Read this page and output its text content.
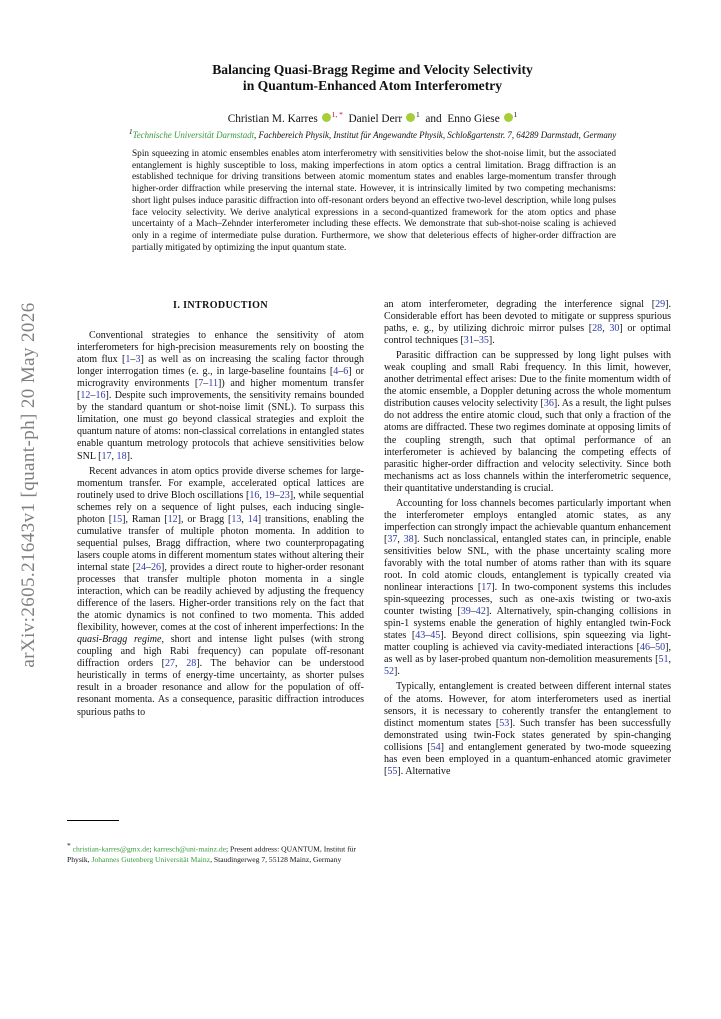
arXiv:2605.21643v1 [quant-ph] 20 May 2026
Balancing Quasi-Bragg Regime and Velocity Selectivity
in Quantum-Enhanced Atom Interferometry
Christian M. Karres $^{1, *}$ Daniel Derr $^1$ and Enno Giese $^1$
$^1$Technische Universität Darmstadt, Fachbereich Physik, Institut für Angewandte Physik, Schloßgartenstr. 7, 64289 Darmstadt, Germany
Spin squeezing in atomic ensembles enables atom interferometry with sensitivities below the shot-noise limit, but the associated entanglement is highly susceptible to loss, making imperfections in atom optics a central limitation. Bragg diffraction is an established technique for driving transitions between atomic momentum states and enables large-momentum transfer through higher-order diffraction while preserving the internal state. However, it is intrinsically limited by two competing mechanisms: short light pulses induce parasitic diffraction into off-resonant orders beyond an effective two-level description, while long pulses face velocity selectivity. We derive analytical expressions in a second-quantized framework for the atom optics and phase uncertainty of a Mach–Zehnder interferometer including these effects. We demonstrate that sub-shot-noise scaling is achieved only in a regime of intermediate pulse duration. Furthermore, we show that deleterious effects of higher-order diffraction are partially mitigated by optimizing the input quantum state.
I. INTRODUCTION

Conventional strategies to enhance the sensitivity of atom interferometers for high-precision measurements rely on boosting the atom flux [1–3] as well as on increasing the scaling factor through longer interrogation times (e. g., in large-baseline fountains [4–6] or microgravity environments [7–11]) and higher momentum transfer [12–16]. Despite such improvements, the sensitivity remains bounded by the standard quantum or shot-noise limit (SNL). To surpass this limitation, one must go beyond classical strategies and exploit the quantum nature of atoms: non-classical correlations in entangled states enable quantum metrology protocols that achieve sensitivities below SNL [17, 18].

Recent advances in atom optics provide diverse schemes for large-momentum transfer. For example, accelerated optical lattices are routinely used to drive Bloch oscillations [16, 19–23], while sequential schemes rely on a sequence of light pulses, each inducing single-photon [15], Raman [12], or Bragg [13, 14] transitions, enabling the cumulative transfer of multiple photon momenta. In addition to sequential pulses, Bragg diffraction, where two counterpropagating lasers couple atoms in different momentum states without altering their internal state [24–26], provides a direct route to higher-order resonant processes that transfer multiple photon momenta in a single interaction, which can be readily achieved by adjusting the frequency difference of the lasers. Higher-order transitions rely on the fact that the atomic dynamics is not confined to two momenta. This added flexibility, however, comes at the cost of inherent imperfections: In the quasi-Bragg regime, short and intense light pulses (with strong coupling and high Rabi frequency) can populate off-resonant diffraction orders [27, 28]. The behavior can be understood heuristically in terms of energy-time uncertainty, as shorter pulses result in a broader resonance and allow for the population of off-resonant momenta. As a consequence, parasitic diffraction introduces spurious paths to

an atom interferometer, degrading the interference signal [29]. Considerable effort has been devoted to mitigate or suppress spurious paths, e. g., by utilizing dichroic mirror pulses [28, 30] or optimal control techniques [31–35].

Parasitic diffraction can be suppressed by long light pulses with weak coupling and small Rabi frequency. In this limit, however, another detrimental effect arises: Due to the finite momentum width of the atomic ensemble, a Doppler detuning across the whole momentum distribution causes velocity selectivity [36]. As a result, the light pulses do not address the entire atomic cloud, such that only a fraction of the atoms are diffracted. These two regimes dominate at opposing limits of the coupling strength, such that optimal performance of an interferometer is achieved by balancing the competing effects of parasitic higher-order diffraction and velocity selectivity. Since both mechanisms act as loss channels within the interferometric sequence, their quantitative understanding is crucial.

Accounting for loss channels becomes particularly important when the interferometer employs entangled atomic states, as any imperfection can strongly impact the achievable quantum enhancement [37, 38]. Such nonclassical, entangled states can, in principle, enable sensitivities below SNL, with the phase uncertainty scaling more favorably with the total number of atoms rather than with its square root. In cold atomic clouds, entanglement is typically created via nonlinear interactions [17]. In two-component systems this includes spin-squeezing processes, such as one-axis twisting or two-axis counter twisting [39–42]. Alternatively, spin-changing collisions in spin-1 systems enable the generation of highly entangled twin-Fock states [43–45]. Beyond direct collisions, spin squeezing via light-matter coupling is achieved via cavity-mediated interactions [46–50], as well as by laser-probed quantum non-demolition measurements [51, 52].

Typically, entanglement is created between different internal states of the atoms. However, for atom interferometers used as inertial sensors, it is necessary to coherently transfer the entanglement to distinct momentum states [53]. Such transfer has been successfully demonstrated using twin-Fock states generated by spin-changing collisions [54] and entanglement generated by two-mode squeezing has even been employed in a quantum-enhanced atomic gravimeter [55]. Alternative

* christian-karres@gmx.de; karresch@uni-mainz.de; Present address: QUANTUM, Institut für Physik, Johannes Gutenberg Universität Mainz, Staudingerweg 7, 55128 Mainz, Germany
